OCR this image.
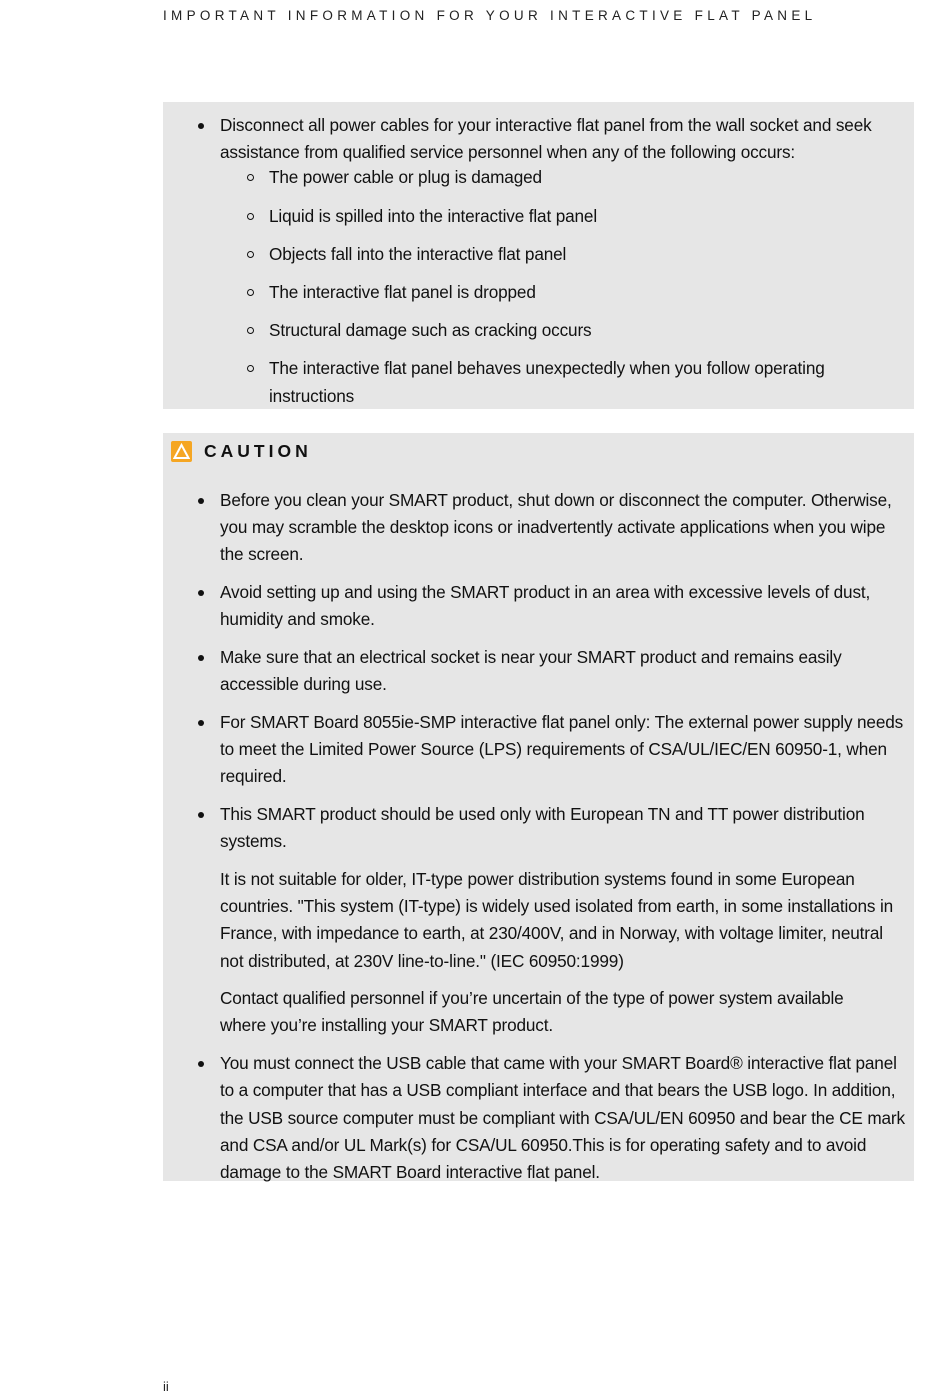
IMPORTANT INFORMATION FOR YOUR INTERACTIVE FLAT PANEL
Disconnect all power cables for your interactive flat panel from the wall socket and seek assistance from qualified service personnel when any of the following occurs:
The power cable or plug is damaged
Liquid is spilled into the interactive flat panel
Objects fall into the interactive flat panel
The interactive flat panel is dropped
Structural damage such as cracking occurs
The interactive flat panel behaves unexpectedly when you follow operating instructions
CAUTION
Before you clean your SMART product, shut down or disconnect the computer. Otherwise, you may scramble the desktop icons or inadvertently activate applications when you wipe the screen.
Avoid setting up and using the SMART product in an area with excessive levels of dust, humidity and smoke.
Make sure that an electrical socket is near your SMART product and remains easily accessible during use.
For SMART Board 8055ie-SMP interactive flat panel only: The external power supply needs to meet the Limited Power Source (LPS) requirements of CSA/UL/IEC/EN 60950-1, when required.
This SMART product should be used only with European TN and TT power distribution systems.
It is not suitable for older, IT-type power distribution systems found in some European countries. "This system (IT-type) is widely used isolated from earth, in some installations in France, with impedance to earth, at 230/400V, and in Norway, with voltage limiter, neutral not distributed, at 230V line-to-line." (IEC 60950:1999)
Contact qualified personnel if you’re uncertain of the type of power system available where you’re installing your SMART product.
You must connect the USB cable that came with your SMART Board® interactive flat panel to a computer that has a USB compliant interface and that bears the USB logo. In addition, the USB source computer must be compliant with CSA/UL/EN 60950 and bear the CE mark and CSA and/or UL Mark(s) for CSA/UL 60950.This is for operating safety and to avoid damage to the SMART Board interactive flat panel.
ii
